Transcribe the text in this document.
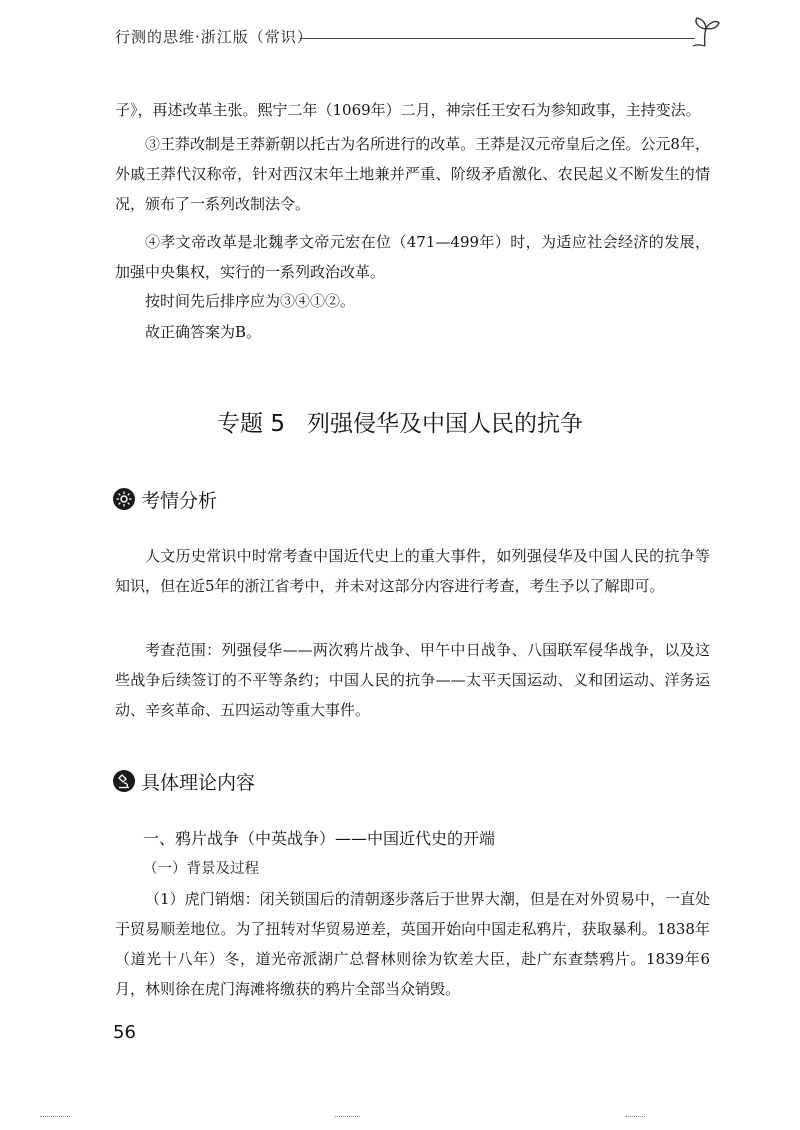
行测的思维·浙江版（常识）

子》，再述改革主张。熙宁二年（1069年）二月，神宗任王安石为参知政事，主持变法。

③王莽改制是王莽新朝以托古为名所进行的改革。王莽是汉元帝皇后之侄。公元8年，外戚王莽代汉称帝，针对西汉末年土地兼并严重、阶级矛盾激化、农民起义不断发生的情况，颁布了一系列改制法令。

④孝文帝改革是北魏孝文帝元宏在位（471—499年）时，为适应社会经济的发展，加强中央集权，实行的一系列政治改革。

按时间先后排序应为③④①②。

故正确答案为B。

专题 5 列强侵华及中国人民的抗争
考情分析

人文历史常识中时常考查中国近代史上的重大事件，如列强侵华及中国人民的抗争等知识，但在近5年的浙江省考中，并未对这部分内容进行考查，考生予以了解即可。

考查范围：列强侵华——两次鸦片战争、甲午中日战争、八国联军侵华战争，以及这些战争后续签订的不平等条约；中国人民的抗争——太平天国运动、义和团运动、洋务运动、辛亥革命、五四运动等重大事件。

具体理论内容
一、鸦片战争（中英战争）——中国近代史的开端
（一）背景及过程

（1）虎门销烟：闭关锁国后的清朝逐步落后于世界大潮，但是在对外贸易中，一直处于贸易顺差地位。为了扭转对华贸易逆差，英国开始向中国走私鸦片，获取暴利。1838年（道光十八年）冬，道光帝派湖广总督林则徐为钦差大臣，赴广东查禁鸦片。1839年6月，林则徐在虎门海滩将缴获的鸦片全部当众销毁。

56
